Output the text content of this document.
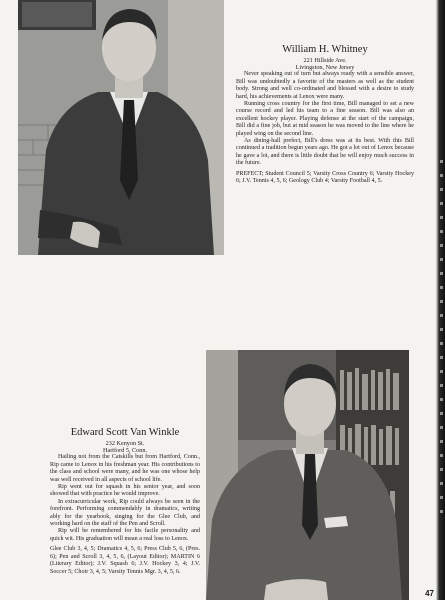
William H. Whitney
221 Hillside Ave.
Livingston, New Jersey

Never speaking out of turn but always ready with a sensible answer, Bill was undoubtedly a favorite of the masters as well as the student body. Strong and well co-ordinated and blessed with a desire to study hard, his achievements at Lenox were many.

Running cross country for the first time, Bill managed to set a new course record and led his team to a fine season. Bill was also an excellent hockey player. Playing defense at the start of the campaign, Bill did a fine job, but at mid season he was moved to the line where he played wing on the second line.

As dining-hall prefect, Bill's dress was at its best. With this Bill continued a tradition begun years ago. He got a lot out of Lenox because he gave a lot, and there is little doubt that he will enjoy much success in the future.

PREFECT; Student Council 5; Varsity Cross Country 6; Varsity Hockey 6; J.V. Tennis 4, 5, 6; Geology Club 4; Varsity Football 4, 5.
Edward Scott Van Winkle
232 Kenyon St.
Hartford 5, Conn.

Hailing not from the Catskills but from Hartford, Conn., Rip came to Lenox in his freshman year. His contributions to the class and school were many, and he was one whose help was well received in all aspects of school life.

Rip went out for squash in his senior year, and soon showed that with practice he would improve.

In extracurricular work, Rip could always be seen in the forefront. Performing commendably in dramatics, writing ably for the yearbook, singing for the Glee Club, and working hard on the staff of the Pen and Scroll.

Rip will be remembered for his facile personality and quick wit. His graduation will mean a real loss to Lenox.

Glee Club 3, 4, 5; Dramatics 4, 5, 6; Press Club 5, 6, (Pres. 6); Pen and Scroll 3, 4, 5, 6, (Layout Editor); MARTIN 6 (Literary Editor); J.V. Squash 6; J.V. Hockey 3, 4; J.V. Soccer 5; Choir 3, 4, 5; Varsity Tennis Mgr. 3, 4, 5, 6.
47
